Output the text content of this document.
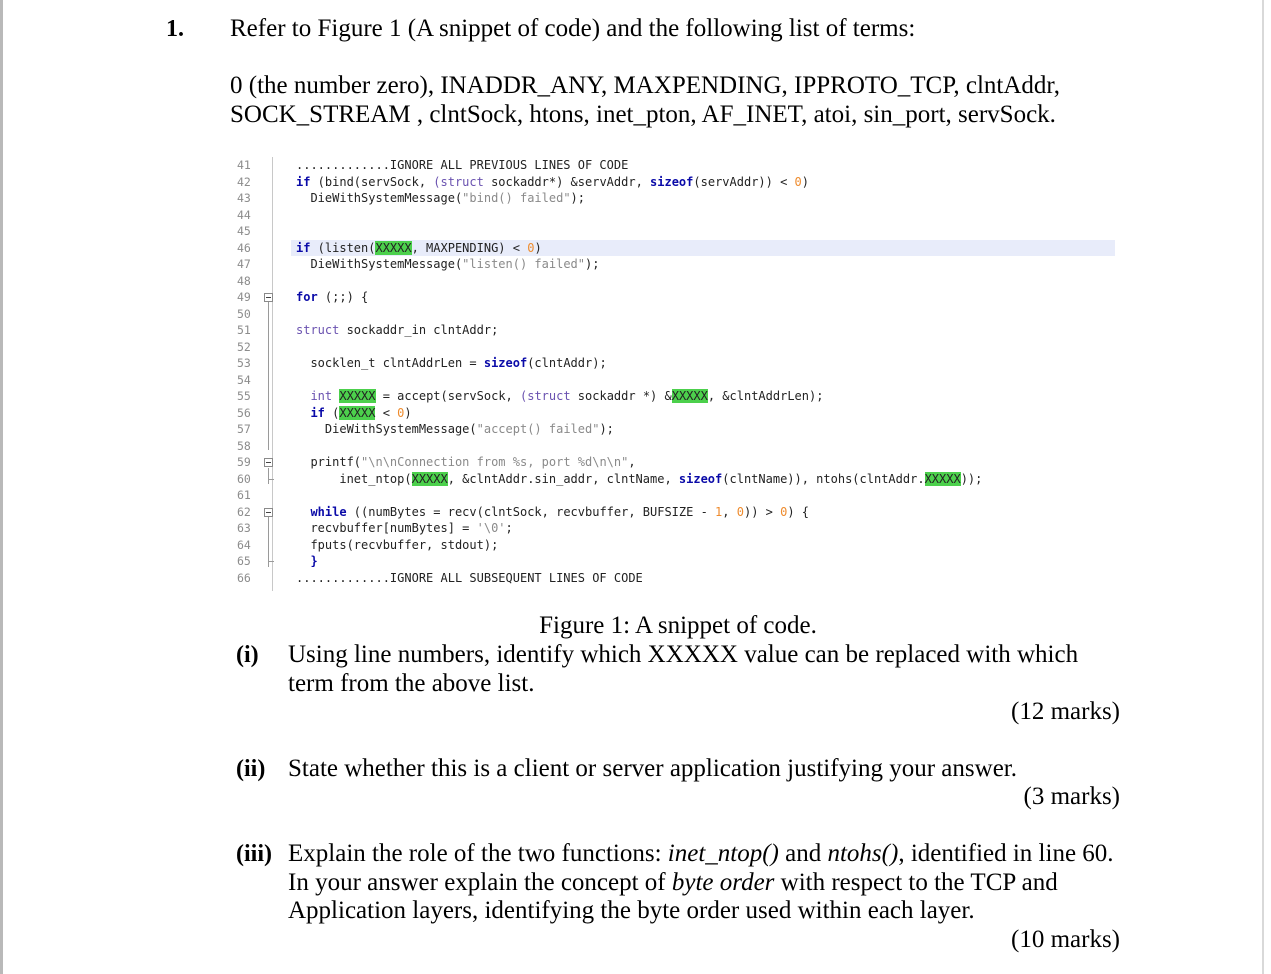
1. Refer to Figure 1 (A snippet of code) and the following list of terms:
0 (the number zero), INADDR_ANY, MAXPENDING, IPPROTO_TCP, clntAddr, SOCK_STREAM , clntSock, htons, inet_pton, AF_INET, atoi, sin_port, servSock.

41

	.............IGNORE ALL PREVIOUS LINES OF CODE

42

	if (bind(servSock, (struct sockaddr*) &servAddr, sizeof(servAddr)) < 0)

43

	DieWithSystemMessage("bind() failed");

44

45

46

	if (listen(XXXXX, MAXPENDING) < 0)

47

	DieWithSystemMessage("listen() failed");

48

49

	for (;;) {

50

51

	struct sockaddr_in clntAddr;

52

53

	socklen_t clntAddrLen = sizeof(clntAddr);

54

55

	int XXXXX = accept(servSock, (struct sockaddr *) &XXXXX, &clntAddrLen);

56

	if (XXXXX < 0)

57

	DieWithSystemMessage("accept() failed");

58

59

	printf("\n\nConnection from %s, port %d\n\n",

60

	inet_ntop(XXXXX, &clntAddr.sin_addr, clntName, sizeof(clntName)), ntohs(clntAddr.XXXXX));

61

62

	while ((numBytes = recv(clntSock, recvbuffer, BUFSIZE - 1, 0)) > 0) {

63

	recvbuffer[numBytes] = '\0';

64

	fputs(recvbuffer, stdout);

65

	}

66

	.............IGNORE ALL SUBSEQUENT LINES OF CODE

Figure 1: A snippet of code.
(i) Using line numbers, identify which XXXXX value can be replaced with which term from the above list.
(12 marks)
(ii) State whether this is a client or server application justifying your answer.
(3 marks)
(iii) Explain the role of the two functions: inet_ntop() and ntohs(), identified in line 60. In your answer explain the concept of byte order with respect to the TCP and Application layers, identifying the byte order used within each layer.
(10 marks)
